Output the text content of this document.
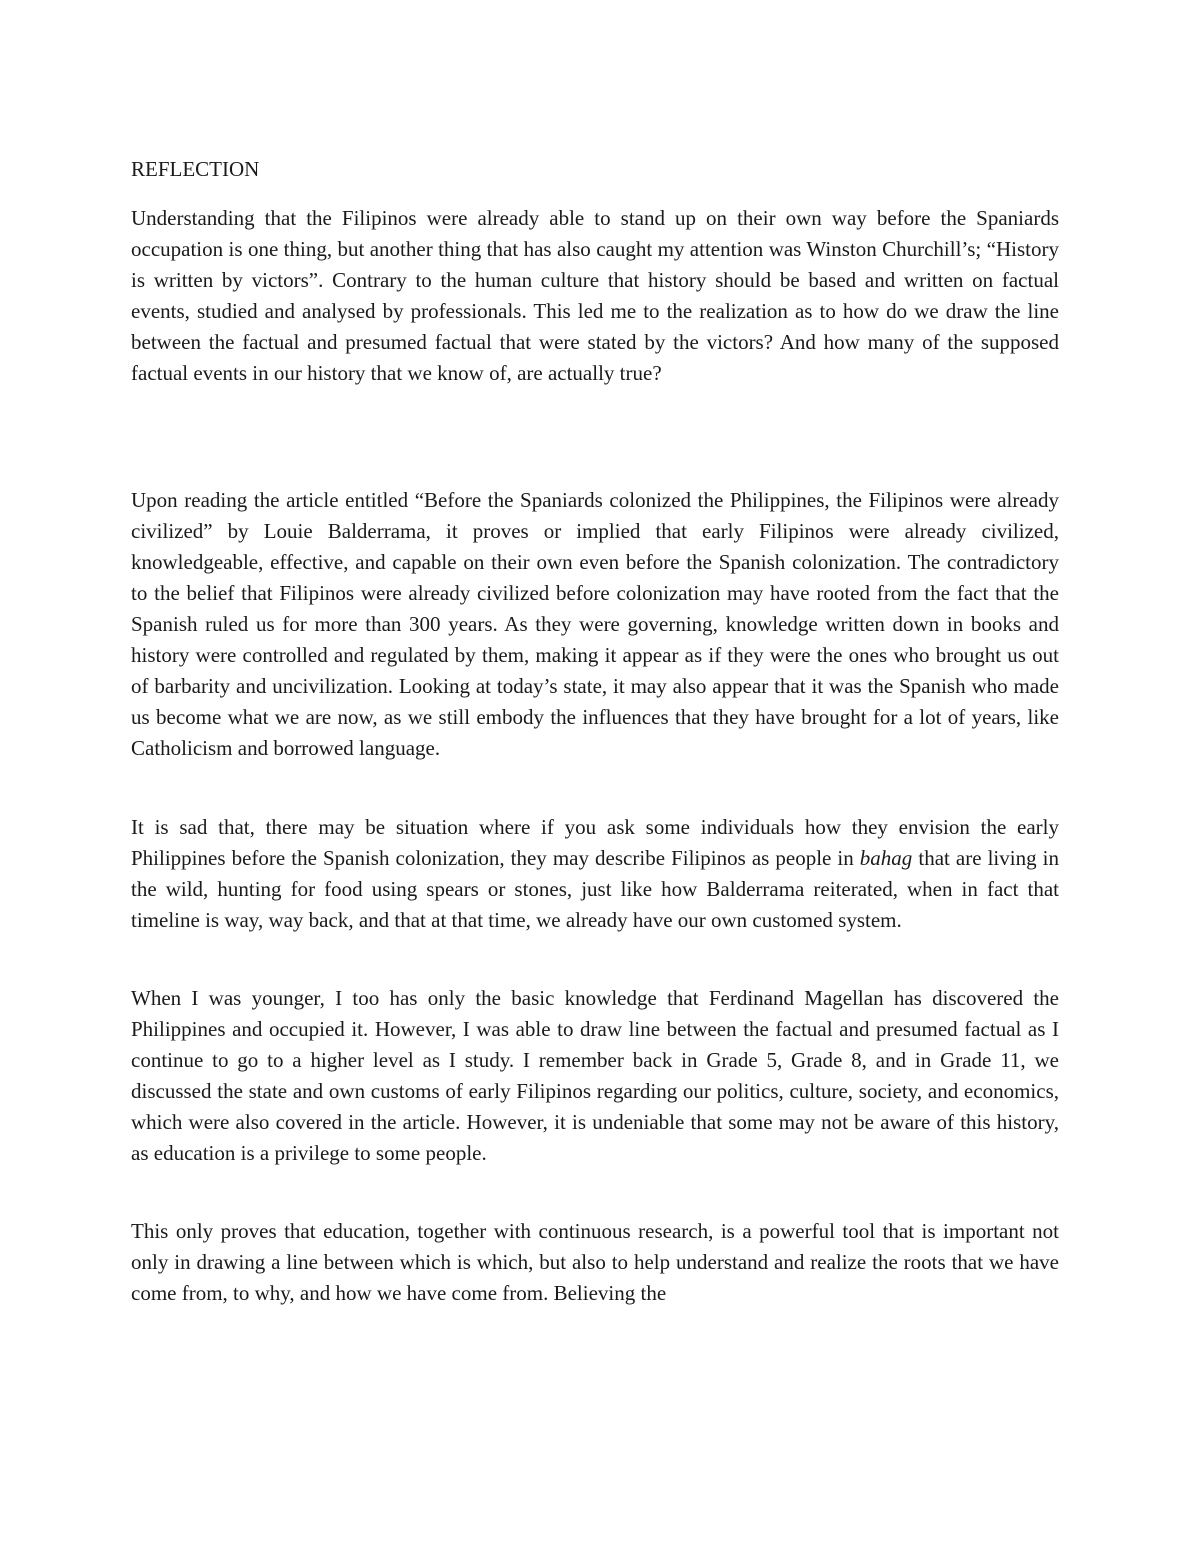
REFLECTION
Understanding that the Filipinos were already able to stand up on their own way before the Spaniards occupation is one thing, but another thing that has also caught my attention was Winston Churchill’s; “History is written by victors”. Contrary to the human culture that history should be based and written on factual events, studied and analysed by professionals. This led me to the realization as to how do we draw the line between the factual and presumed factual that were stated by the victors? And how many of the supposed factual events in our history that we know of, are actually true?
Upon reading the article entitled “Before the Spaniards colonized the Philippines, the Filipinos were already civilized” by Louie Balderrama, it proves or implied that early Filipinos were already civilized, knowledgeable, effective, and capable on their own even before the Spanish colonization. The contradictory to the belief that Filipinos were already civilized before colonization may have rooted from the fact that the Spanish ruled us for more than 300 years. As they were governing, knowledge written down in books and history were controlled and regulated by them, making it appear as if they were the ones who brought us out of barbarity and uncivilization. Looking at today’s state, it may also appear that it was the Spanish who made us become what we are now, as we still embody the influences that they have brought for a lot of years, like Catholicism and borrowed language.
It is sad that, there may be situation where if you ask some individuals how they envision the early Philippines before the Spanish colonization, they may describe Filipinos as people in bahag that are living in the wild, hunting for food using spears or stones, just like how Balderrama reiterated, when in fact that timeline is way, way back, and that at that time, we already have our own customed system.
When I was younger, I too has only the basic knowledge that Ferdinand Magellan has discovered the Philippines and occupied it. However, I was able to draw line between the factual and presumed factual as I continue to go to a higher level as I study. I remember back in Grade 5, Grade 8, and in Grade 11, we discussed the state and own customs of early Filipinos regarding our politics, culture, society, and economics, which were also covered in the article. However, it is undeniable that some may not be aware of this history, as education is a privilege to some people.
This only proves that education, together with continuous research, is a powerful tool that is important not only in drawing a line between which is which, but also to help understand and realize the roots that we have come from, to why, and how we have come from. Believing the
